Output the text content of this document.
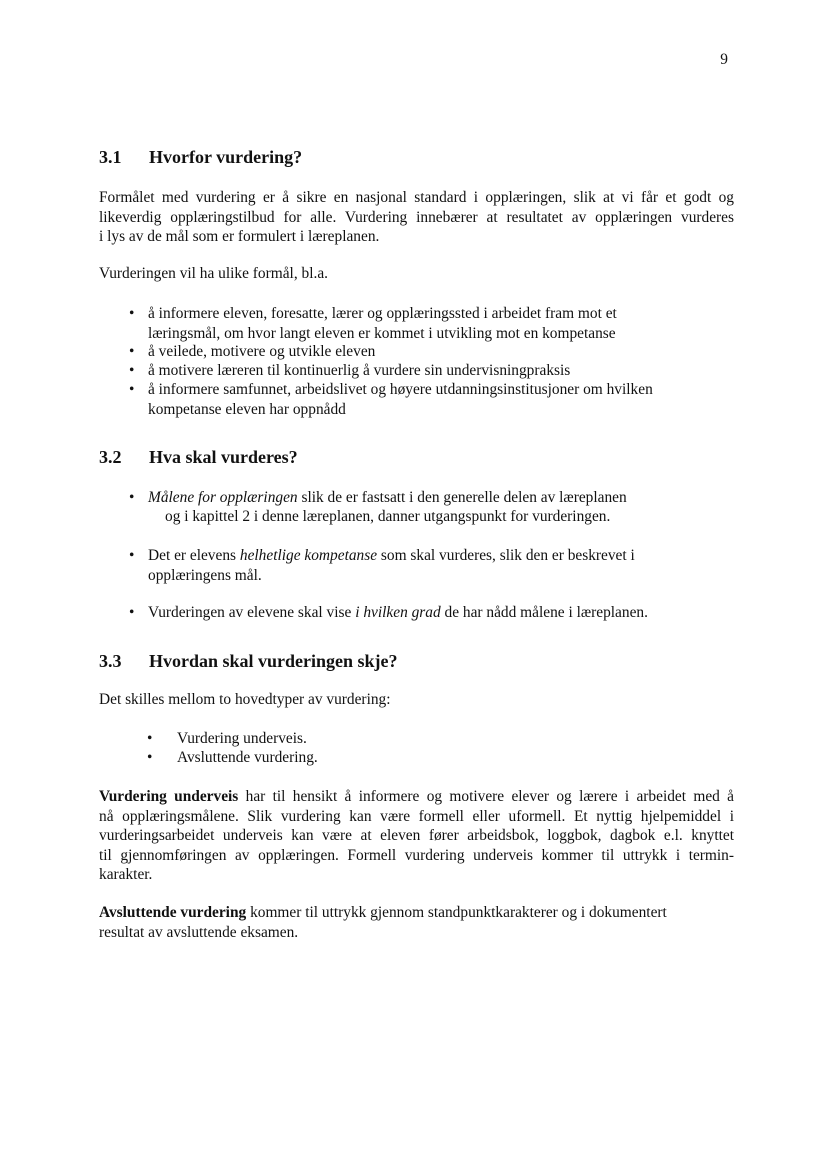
9
3.1 Hvorfor vurdering?
Formålet med vurdering er å sikre en nasjonal standard i opplæringen, slik at vi får et godt og
likeverdig opplæringstilbud for alle. Vurdering innebærer at resultatet av opplæringen vurderes
i lys av de mål som er formulert i læreplanen.
Vurderingen vil ha ulike formål, bl.a.
• å informere eleven, foresatte, lærer og opplæringssted i arbeidet fram mot et
læringsmål, om hvor langt eleven er kommet i utvikling mot en kompetanse
• å veilede, motivere og utvikle eleven
• å motivere læreren til kontinuerlig å vurdere sin undervisningpraksis
• å informere samfunnet, arbeidslivet og høyere utdanningsinstitusjoner om hvilken
kompetanse eleven har oppnådd
3.2 Hva skal vurderes?
• Målene for opplæringen slik de er fastsatt i den generelle delen av læreplanen
og i kapittel 2 i denne læreplanen, danner utgangspunkt for vurderingen.
• Det er elevens helhetlige kompetanse som skal vurderes, slik den er beskrevet i
opplæringens mål.
• Vurderingen av elevene skal vise i hvilken grad de har nådd målene i læreplanen.
3.3 Hvordan skal vurderingen skje?
Det skilles mellom to hovedtyper av vurdering:
• Vurdering underveis.
• Avsluttende vurdering.
Vurdering underveis har til hensikt å informere og motivere elever og lærere i arbeidet med å
nå opplæringsmålene. Slik vurdering kan være formell eller uformell. Et nyttig hjelpemiddel i
vurderingsarbeidet underveis kan være at eleven fører arbeidsbok, loggbok, dagbok e.l. knyttet
til gjennomføringen av opplæringen. Formell vurdering underveis kommer til uttrykk i termin-
karakter.
Avsluttende vurdering kommer til uttrykk gjennom standpunktkarakterer og i dokumentert
resultat av avsluttende eksamen.
